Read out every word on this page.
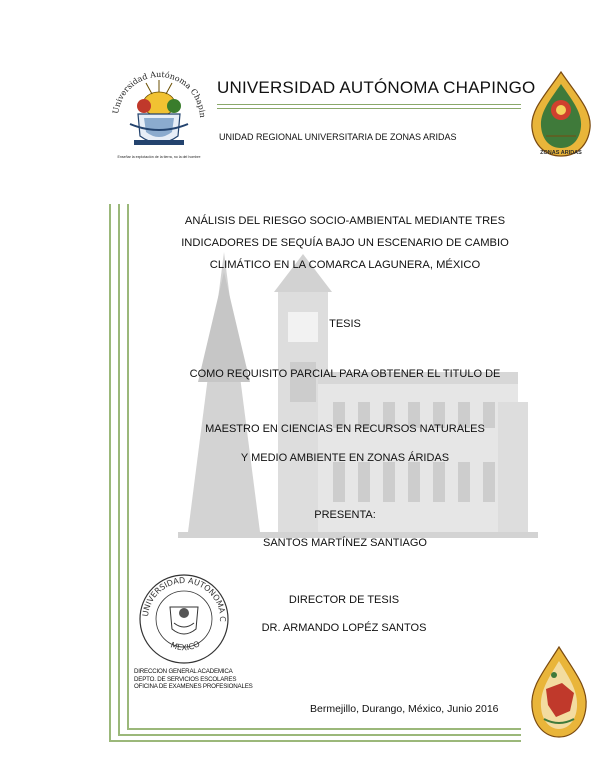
Universidad Autónoma Chapin
Enseñar la explotación de la tierra, no la del hombre
UNIVERSIDAD AUTÓNOMA CHAPINGO
UNIDAD REGIONAL UNIVERSITARIA DE ZONAS ARIDAS
ZONAS ARIDAS
ANÁLISIS DEL RIESGO SOCIO-AMBIENTAL MEDIANTE TRES
INDICADORES DE SEQUÍA BAJO UN ESCENARIO DE CAMBIO
CLIMÁTICO EN LA COMARCA LAGUNERA, MÉXICO
TESIS
COMO REQUISITO PARCIAL PARA OBTENER EL TITULO DE
MAESTRO EN CIENCIAS EN RECURSOS NATURALES
Y MEDIO AMBIENTE EN ZONAS ÁRIDAS
PRESENTA:
SANTOS MARTÍNEZ SANTIAGO
DIRECTOR DE TESIS
DR. ARMANDO LOPÉZ SANTOS
UNIVERSIDAD AUTONOMA C
MEXICO
DIRECCION GENERAL ACADEMICA
DEPTO. DE SERVICIOS ESCOLARES
OFICINA DE EXAMENES PROFESIONALES
Bermejillo, Durango, México, Junio 2016
